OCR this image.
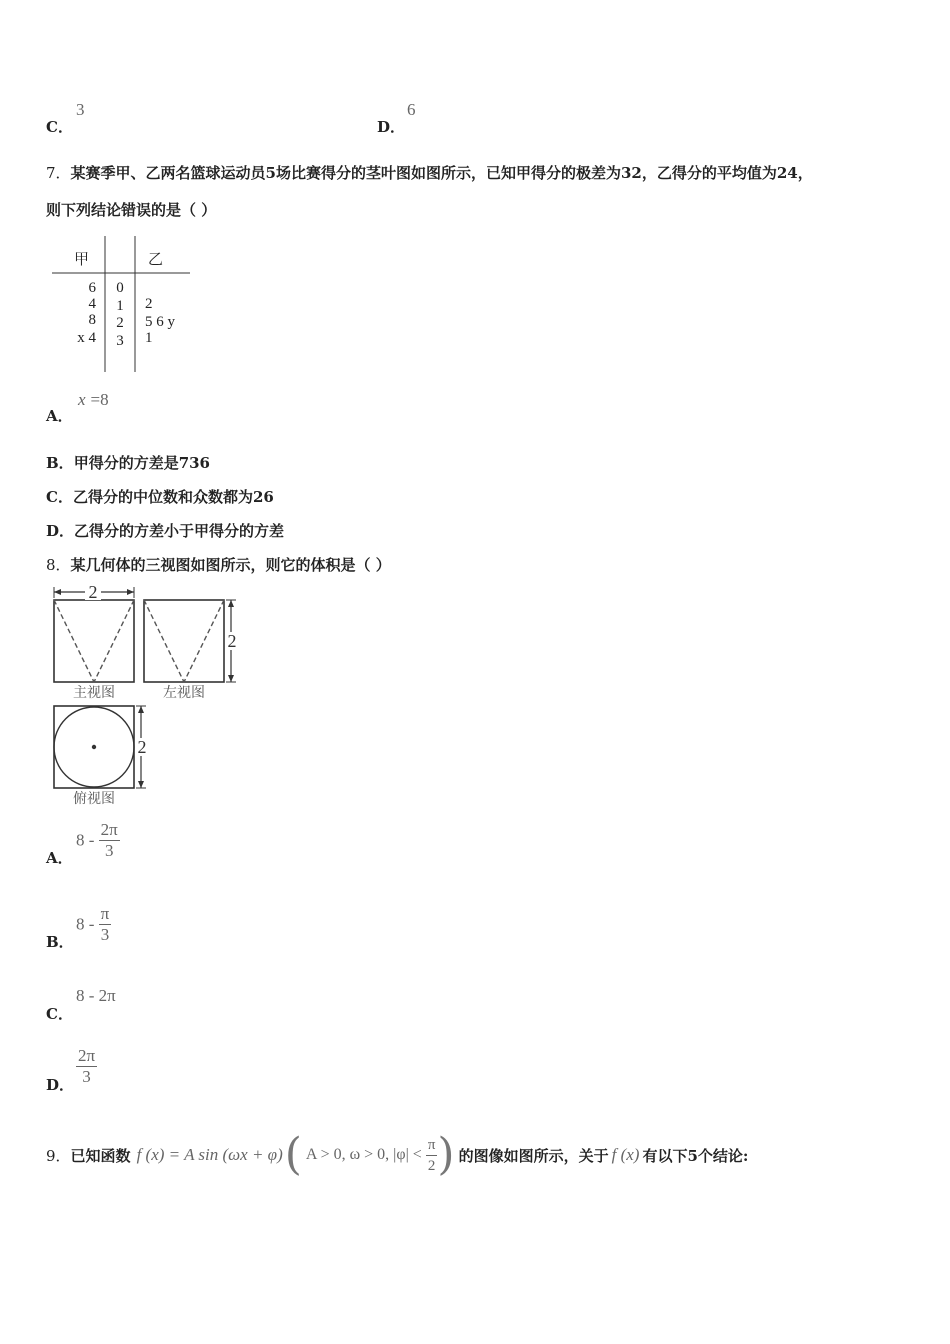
C．
3
D．
6
7．某赛季甲、乙两名篮球运动员5场比赛得分的茎叶图如图所示，已知甲得分的极差为32，乙得分的平均值为24，
则下列结论错误的是（ ）
甲	乙
6 0
4 1 2
8 2 5 6 y
x 4 3 1
A．
x =8
B．甲得分的方差是736
C．乙得分的中位数和众数都为26
D．乙得分的方差小于甲得分的方差
8．某几何体的三视图如图所示，则它的体积是（ ）
2
主视图
2
左视图
2
俯视图
A．
$8 - \frac{2\pi}{3}$
B．
$8 - \frac{\pi}{3}$
C．
8 - 2π
D． $\frac{2\pi}{3}$
9． 已知函数 f (x) = A sin (ωx + φ) ( A > 0, ω > 0, $|\varphi| < \frac{\pi}{2}$ ) 的图像如图所示，关于 f (x) 有以下5个结论:
